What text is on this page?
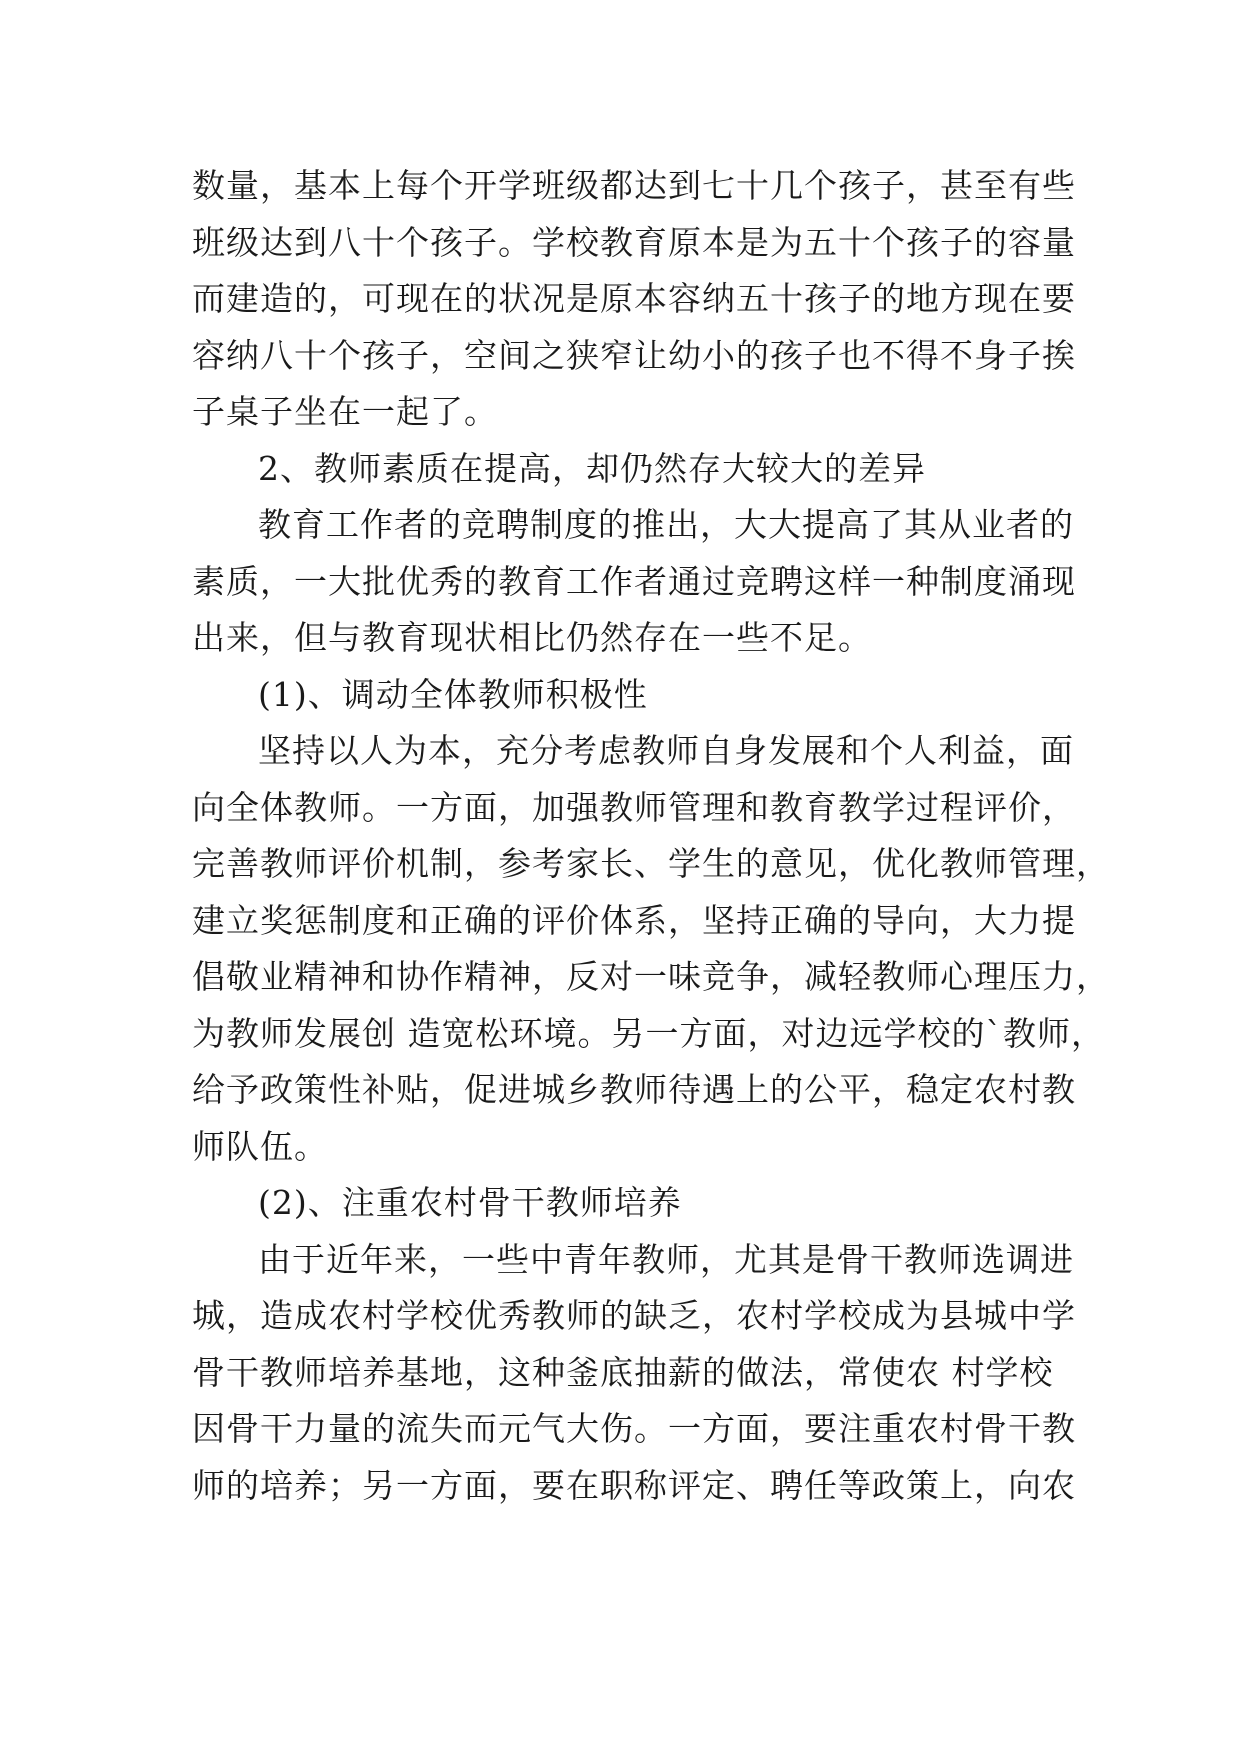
数量，基本上每个开学班级都达到七十几个孩子，甚至有些
班级达到八十个孩子。学校教育原本是为五十个孩子的容量
而建造的，可现在的状况是原本容纳五十孩子的地方现在要
容纳八十个孩子，空间之狭窄让幼小的孩子也不得不身子挨
子桌子坐在一起了。
2、教师素质在提高，却仍然存大较大的差异
教育工作者的竞聘制度的推出，大大提高了其从业者的
素质，一大批优秀的教育工作者通过竞聘这样一种制度涌现
出来，但与教育现状相比仍然存在一些不足。
(1)、调动全体教师积极性
坚持以人为本，充分考虑教师自身发展和个人利益，面
向全体教师。一方面，加强教师管理和教育教学过程评价，
完善教师评价机制，参考家长、学生的意见，优化教师管理，
建立奖惩制度和正确的评价体系，坚持正确的导向，大力提
倡敬业精神和协作精神，反对一味竞争，减轻教师心理压力，
为教师发展创 造宽松环境。另一方面，对边远学校的`教师，
给予政策性补贴，促进城乡教师待遇上的公平，稳定农村教
师队伍。
(2)、注重农村骨干教师培养
由于近年来，一些中青年教师，尤其是骨干教师选调进
城，造成农村学校优秀教师的缺乏，农村学校成为县城中学
骨干教师培养基地，这种釜底抽薪的做法，常使农 村学校
因骨干力量的流失而元气大伤。一方面，要注重农村骨干教
师的培养；另一方面，要在职称评定、聘任等政策上，向农
